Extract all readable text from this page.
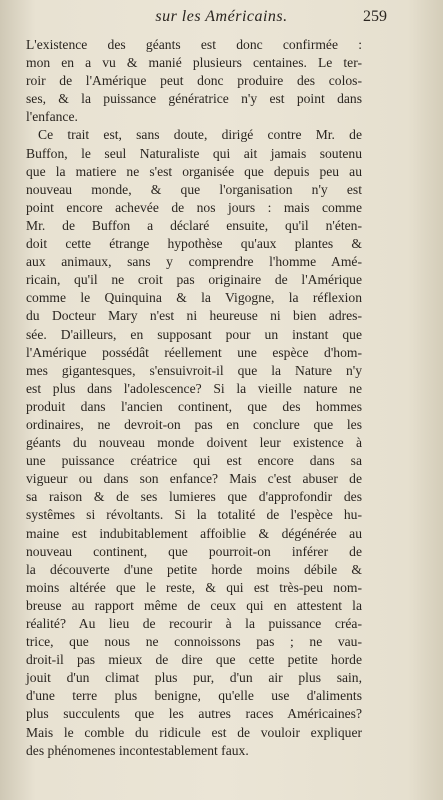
sur les Américains.	259

L'existence des géants est donc confirmée :

mon en a vu & manié plusieurs centaines. Le ter-
roir de l'Amérique peut donc produire des colos-
ses, & la puissance génératrice n'y est point dans
l'enfance.

Ce trait est, sans doute, dirigé contre Mr. de
Buffon, le seul Naturaliste qui ait jamais soutenu
que la matiere ne s'est organisée que depuis peu au
nouveau monde, & que l'organisation n'y est
point encore achevée de nos jours : mais comme
Mr. de Buffon a déclaré ensuite, qu'il n'éten-
doit cette étrange hypothèse qu'aux plantes &
aux animaux, sans y comprendre l'homme Amé-
ricain, qu'il ne croit pas originaire de l'Amérique
comme le Quinquina & la Vigogne, la réflexion
du Docteur Mary n'est ni heureuse ni bien adres-
sée. D'ailleurs, en supposant pour un instant que
l'Amérique possédât réellement une espèce d'hom-
mes gigantesques, s'ensuivroit-il que la Nature n'y
est plus dans l'adolescence? Si la vieille nature ne
produit dans l'ancien continent, que des hommes
ordinaires, ne devroit-on pas en conclure que les
géants du nouveau monde doivent leur existence à
une puissance créatrice qui est encore dans sa
vigueur ou dans son enfance? Mais c'est abuser de
sa raison & de ses lumieres que d'approfondir des
systêmes si révoltants. Si la totalité de l'espèce hu-
maine est indubitablement affoiblie & dégénérée au
nouveau continent, que pourroit-on inférer de
la découverte d'une petite horde moins débile &
moins altérée que le reste, & qui est très-peu nom-
breuse au rapport même de ceux qui en attestent la
réalité? Au lieu de recourir à la puissance créa-
trice, que nous ne connoissons pas ; ne vau-
droit-il pas mieux de dire que cette petite horde
jouit d'un climat plus pur, d'un air plus sain,
d'une terre plus benigne, qu'elle use d'aliments
plus succulents que les autres races Américaines?
Mais le comble du ridicule est de vouloir expliquer
des phénomenes incontestablement faux.
